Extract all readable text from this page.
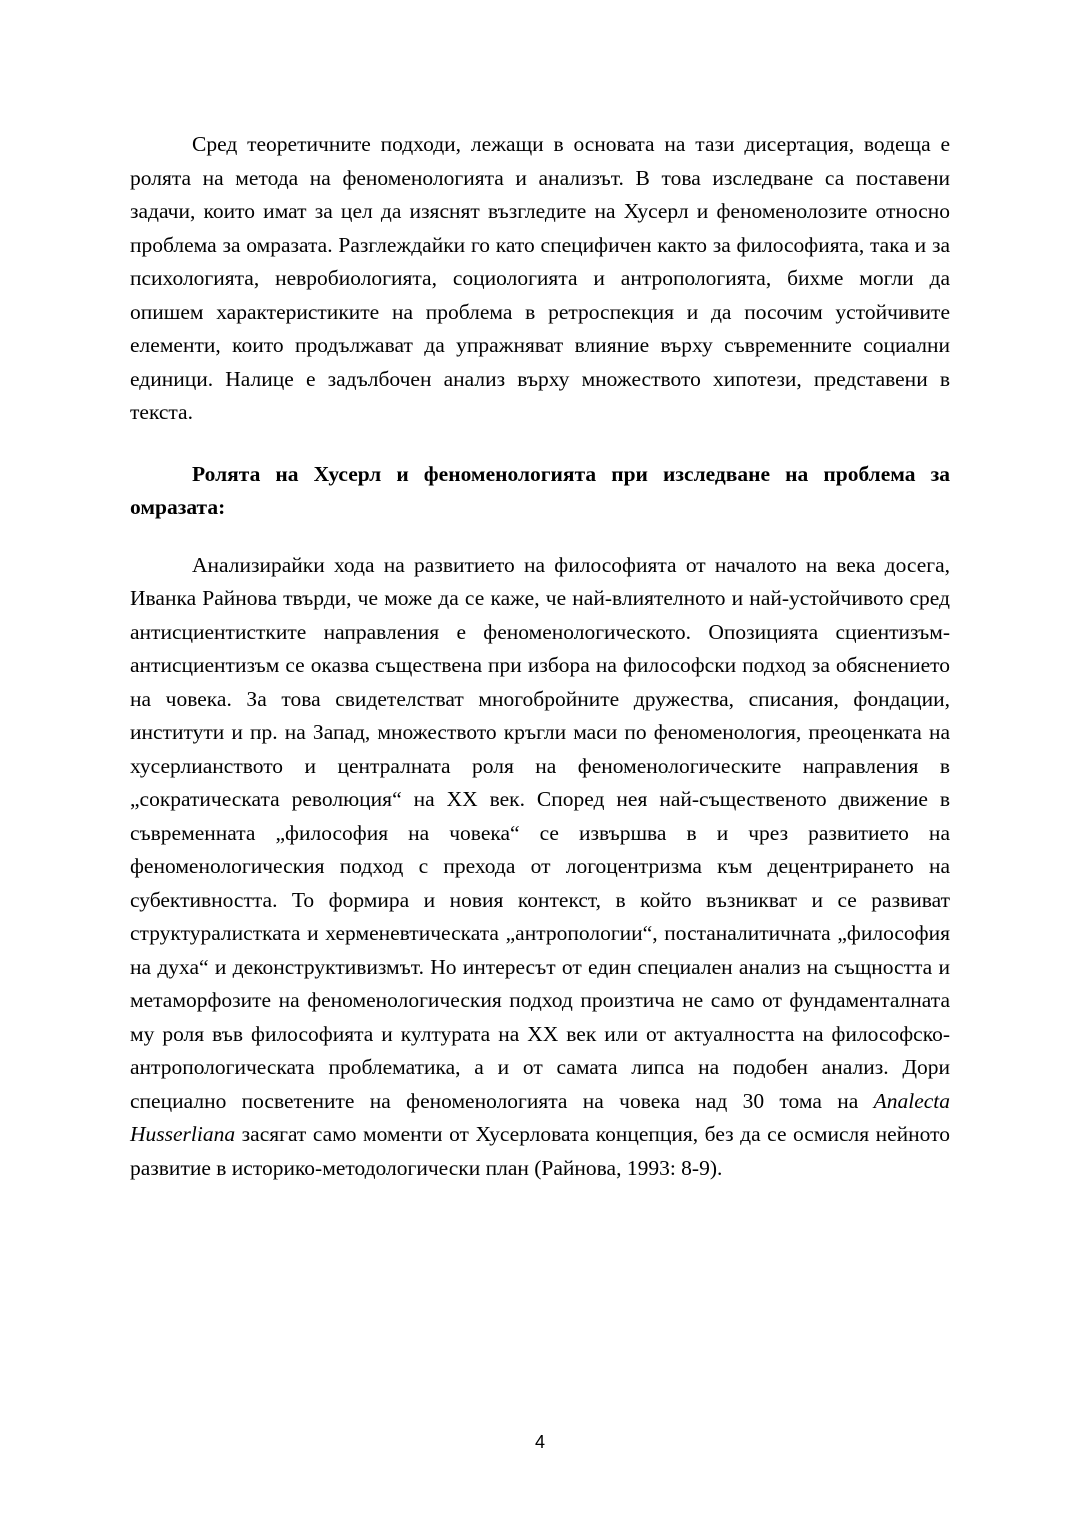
Сред теоретичните подходи, лежащи в основата на тази дисертация, водеща е ролята на метода на феноменологията и анализът. В това изследване са поставени задачи, които имат за цел да изяснят възгледите на Хусерл и феноменолозите относно проблема за омразата. Разглеждайки го като специфичен както за философията, така и за психологията, невробиологията, социологията и антропологията, бихме могли да опишем характеристиките на проблема в ретроспекция и да посочим устойчивите елементи, които продължават да упражняват влияние върху съвременните социални единици. Налице е задълбочен анализ върху множеството хипотези, представени в текста.

Ролята на Хусерл и феноменологията при изследване на проблема за омразата:

Анализирайки хода на развитието на философията от началото на века досега, Иванка Райнова твърди, че може да се каже, че най-влиятелното и най-устойчивото сред антисциентистките направления е феноменологическото. Опозицията сциентизъм-антисциентизъм се оказва съществена при избора на философски подход за обяснението на човека. За това свидетелстват многобройните дружества, списания, фондации, институти и пр. на Запад, множеството кръгли маси по феноменология, преоценката на хусерлианството и централната роля на феноменологическите направления в „сократическата революция“ на XX век. Според нея най-същественото движение в съвременната „философия на човека“ се извършва в и чрез развитието на феноменологическия подход с прехода от логоцентризма към децентрирането на субективността. То формира и новия контекст, в който възникват и се развиват структуралистката и херменевтическата „антропологии“, постаналитичната „философия на духа“ и деконструктивизмът. Но интересът от един специален анализ на същността и метаморфозите на феноменологическия подход произтича не само от фундаменталната му роля във философията и културата на XX век или от актуалността на философско-антропологическата проблематика, а и от самата липса на подобен анализ. Дори специално посветените на феноменологията на човека над 30 тома на Analecta Husserliana засягат само моменти от Хусерловата концепция, без да се осмисля нейното развитие в историко-методологически план (Райнова, 1993: 8-9).

4
